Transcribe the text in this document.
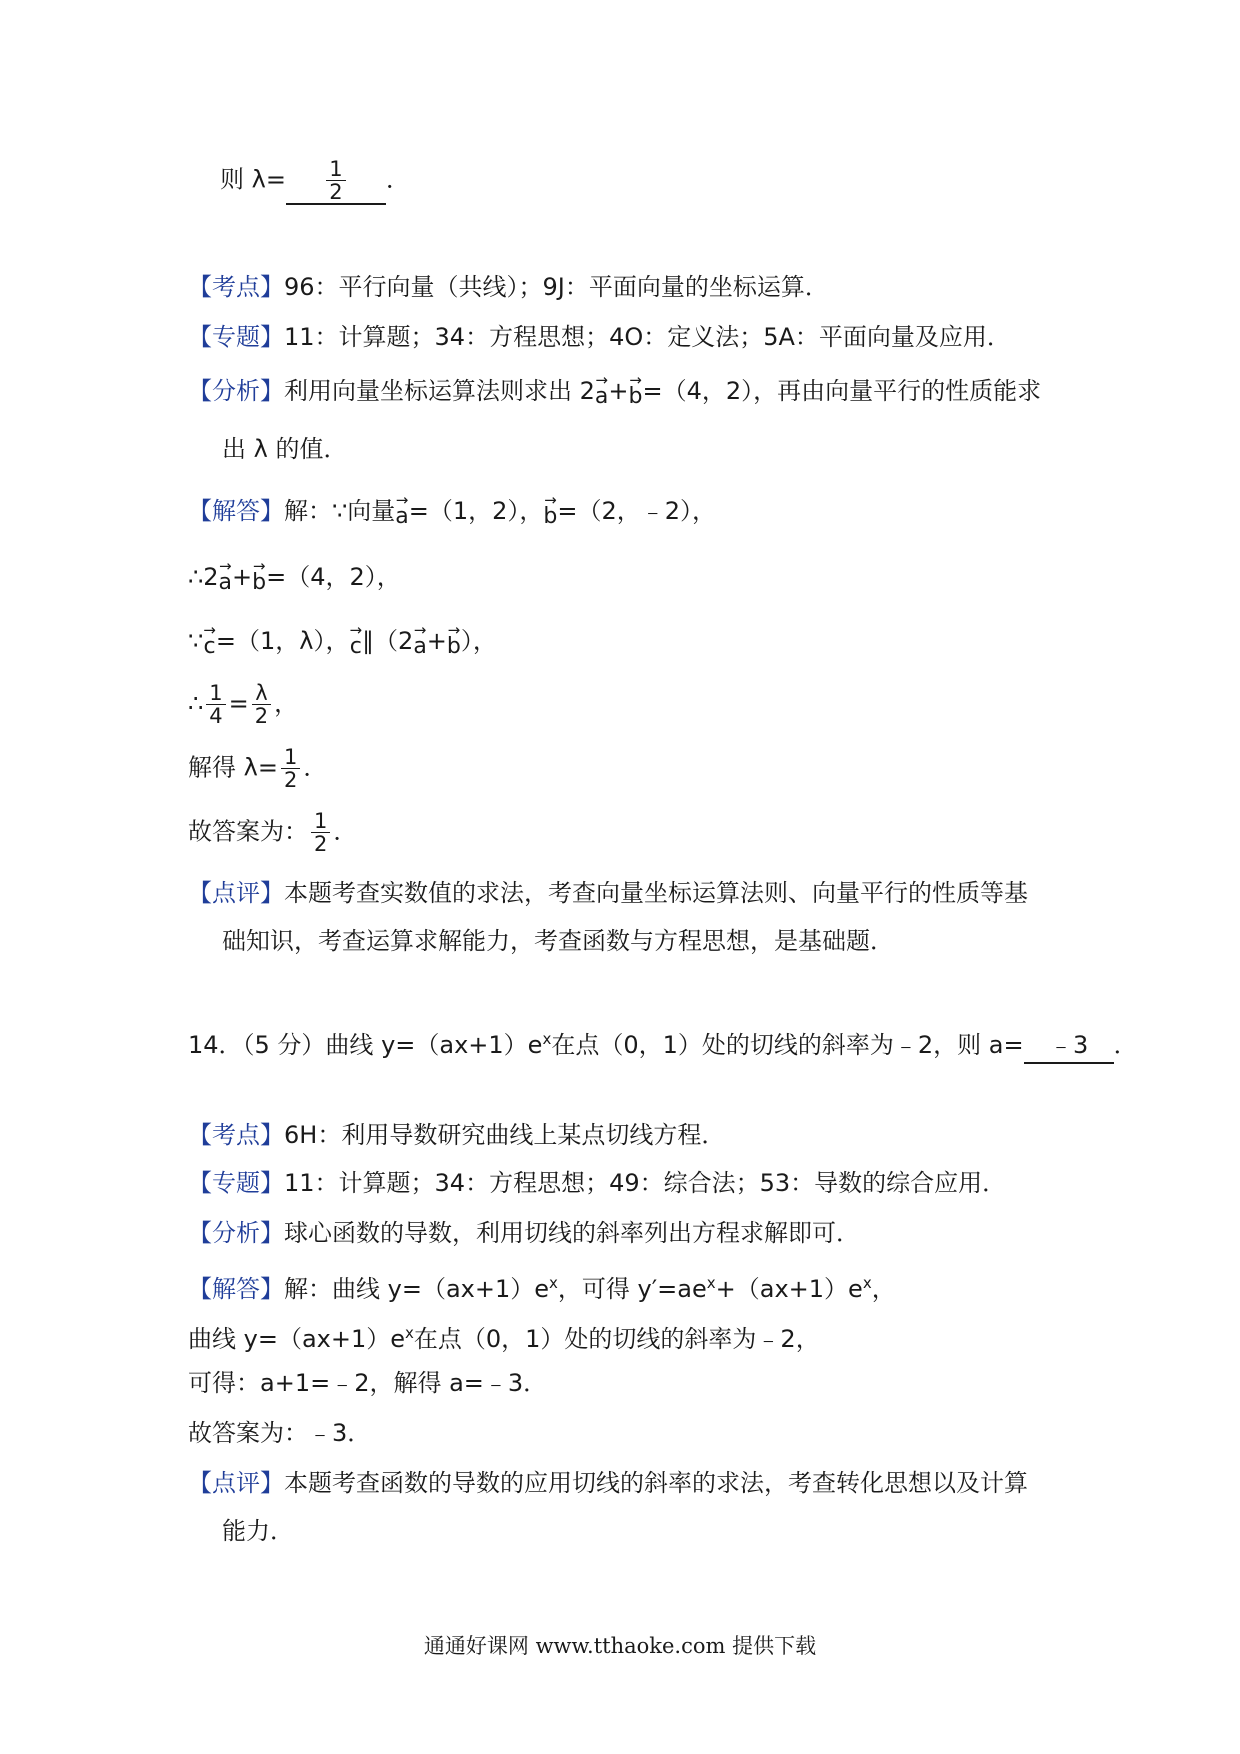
则 $\lambda= \frac{1}{2}$ ．
【考点】96：平行向量（共线）；9J：平面向量的坐标运算．
【专题】11：计算题；34：方程思想；4O：定义法；5A：平面向量及应用．
【分析】利用向量坐标运算法则求出 2 →
a + →
b =（4，2），再由向量平行的性质能求
出 λ 的值．
【解答】解：∵向量 →
a =（1，2）， →
b =（2，﹣2），
∴2 →
a + →
b =（4，2），
∵ →
c =（1，λ）， →
c ∥（2 →
a + →
b ），
∴ $\frac{1}{4} = \frac{\lambda}{2}$ ，
解得 $\lambda= \frac{1}{2}$ ．
故答案为： $\frac{1}{2}$ ．
【点评】本题考查实数值的求法，考查向量坐标运算法则、向量平行的性质等基
础知识，考查运算求解能力，考查函数与方程思想，是基础题．
14．（5 分）曲线 $y=(ax+1)e^x$在点（0，1）处的切线的斜率为﹣2，则 a= ﹣3 ．
【考点】6H：利用导数研究曲线上某点切线方程．
【专题】11：计算题；34：方程思想；49：综合法；53：导数的综合应用．
【分析】球心函数的导数，利用切线的斜率列出方程求解即可．
【解答】解：曲线 $y=(ax+1)e^x$，可得 $y'=ae^x+(ax+1)e^x$，
曲线 $y=(ax+1)e^x$在点（0，1）处的切线的斜率为﹣2，
可得：a+1=﹣2，解得 a=﹣3．
故答案为：﹣3．
【点评】本题考查函数的导数的应用切线的斜率的求法，考查转化思想以及计算
能力．
通通好课网 www.tthaoke.com 提供下载
